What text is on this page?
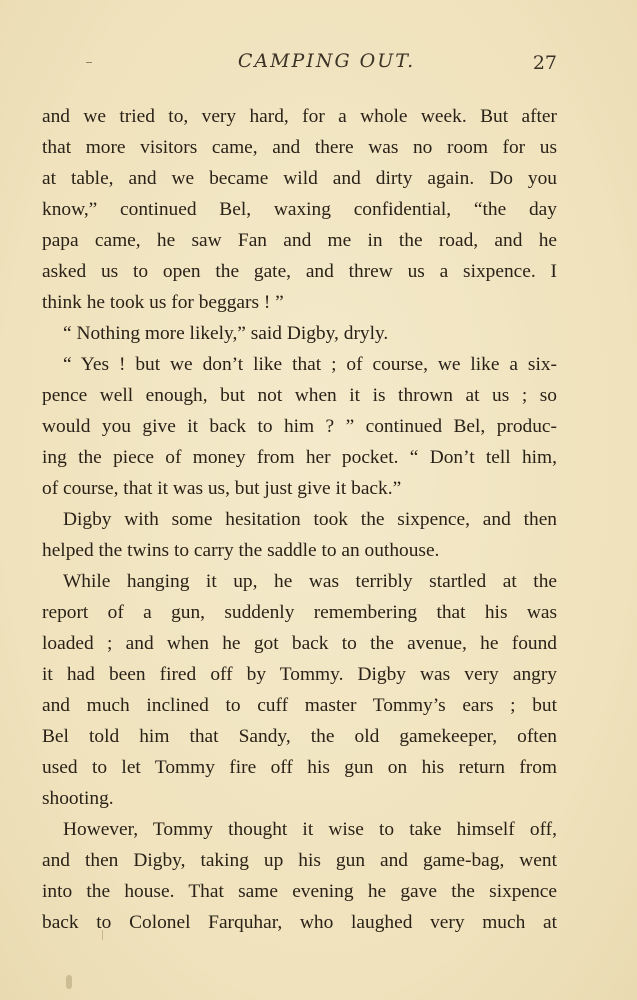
CAMPING OUT.	27
and we tried to, very hard, for a whole week. But after
that more visitors came, and there was no room for us
at table, and we became wild and dirty again. Do you
know,” continued Bel, waxing confidential, “the day
papa came, he saw Fan and me in the road, and he
asked us to open the gate, and threw us a sixpence. I
think he took us for beggars ! ”
“ Nothing more likely,” said Digby, dryly.
“ Yes ! but we don’t like that ; of course, we like a six-
pence well enough, but not when it is thrown at us ; so
would you give it back to him ? ” continued Bel, produc-
ing the piece of money from her pocket. “ Don’t tell him,
of course, that it was us, but just give it back.”
Digby with some hesitation took the sixpence, and then
helped the twins to carry the saddle to an outhouse.
While hanging it up, he was terribly startled at the
report of a gun, suddenly remembering that his was
loaded ; and when he got back to the avenue, he found
it had been fired off by Tommy. Digby was very angry
and much inclined to cuff master Tommy’s ears ; but
Bel told him that Sandy, the old gamekeeper, often
used to let Tommy fire off his gun on his return from
shooting.
However, Tommy thought it wise to take himself off,
and then Digby, taking up his gun and game-bag, went
into the house. That same evening he gave the sixpence
back to Colonel Farquhar, who laughed very much at
